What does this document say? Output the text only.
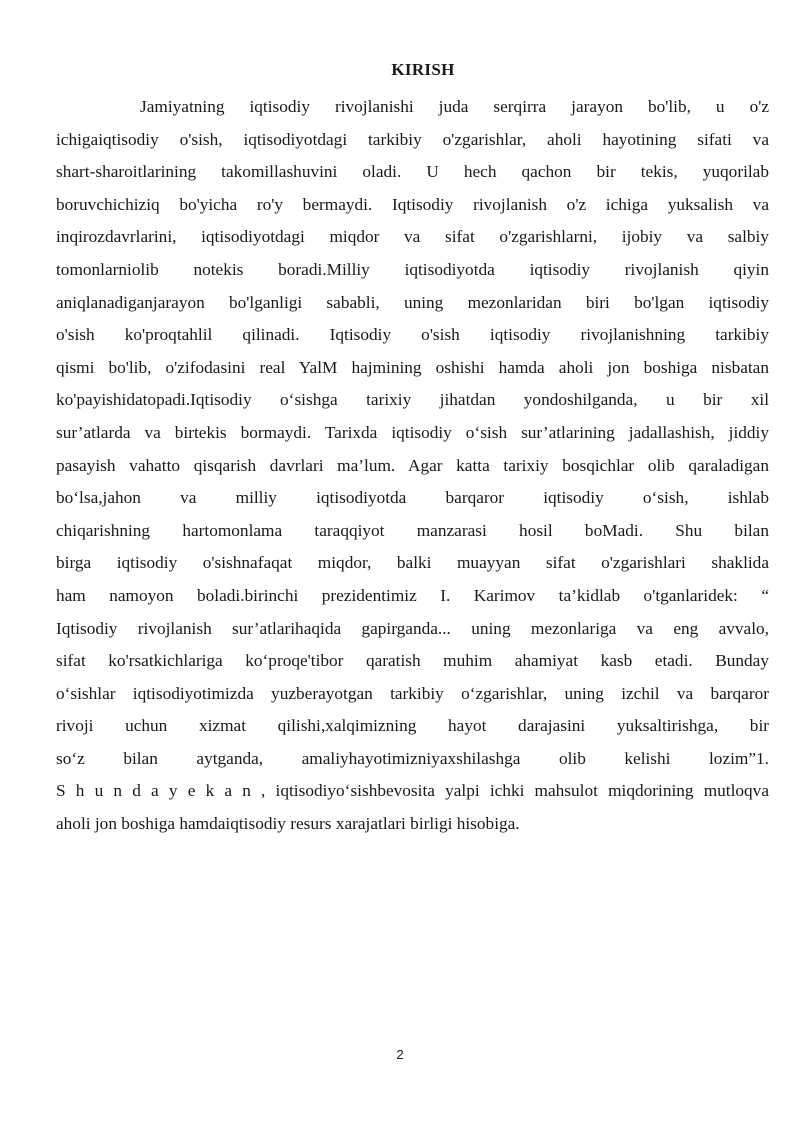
KIRISH
Jamiyatning iqtisodiy rivojlanishi juda serqirra jarayon bo'lib, u o'z
ichigaiqtisodiy o'sish, iqtisodiyotdagi tarkibiy o'zgarishlar, aholi hayotining sifati va
shart-sharoitlarining takomillashuvini oladi. U hech qachon bir tekis, yuqorilab
boruvchichiziq bo'yicha ro'y bermaydi. Iqtisodiy rivojlanish o'z ichiga yuksalish va
inqirozdavrlarini, iqtisodiyotdagi miqdor va sifat o'zgarishlarni, ijobiy va salbiy
tomonlarniolib notekis boradi.Milliy iqtisodiyotda iqtisodiy rivojlanish qiyin
aniqlanadiganjarayon bo'lganligi sababli, uning mezonlaridan biri bo'lgan iqtisodiy
o'sish ko'proqtahlil qilinadi. Iqtisodiy o'sish iqtisodiy rivojlanishning tarkibiy
qismi bo'lib, o'zifodasini real YalM hajmining oshishi hamda aholi jon boshiga nisbatan
ko'payishidatopadi.Iqtisodiy o‘sishga tarixiy jihatdan yondoshilganda, u bir xil
sur’atlarda va birtekis bormaydi. Tarixda iqtisodiy o‘sish sur’atlarining jadallashish, jiddiy
pasayish vahatto qisqarish davrlari ma’lum. Agar katta tarixiy bosqichlar olib qaraladigan
bo‘lsa,jahon va milliy iqtisodiyotda barqaror iqtisodiy o‘sish, ishlab
chiqarishning hartomonlama taraqqiyot manzarasi hosil boMadi. Shu bilan
birga iqtisodiy o'sishnafaqat miqdor, balki muayyan sifat o'zgarishlari shaklida
ham namoyon boladi.birinchi prezidentimiz I. Karimov ta’kidlab o'tganlaridek: “
Iqtisodiy rivojlanish sur’atlarihaqida gapirganda... uning mezonlariga va eng avvalo,
sifat ko'rsatkichlariga ko‘proqe'tibor qaratish muhim ahamiyat kasb etadi. Bunday
o‘sishlar iqtisodiyotimizda yuzberayotgan tarkibiy o‘zgarishlar, uning izchil va barqaror
rivoji uchun xizmat qilishi,xalqimizning hayot darajasini yuksaltirishga, bir
so‘z bilan aytganda, amaliyhayotimizniyaxshilashga olib kelishi lozim”1.
S h u n d a y e k a n , iqtisodiyo‘sishbevosita yalpi ichki mahsulot miqdorining mutloqva
aholi jon boshiga hamdaiqtisodiy resurs xarajatlari birligi hisobiga.
2
